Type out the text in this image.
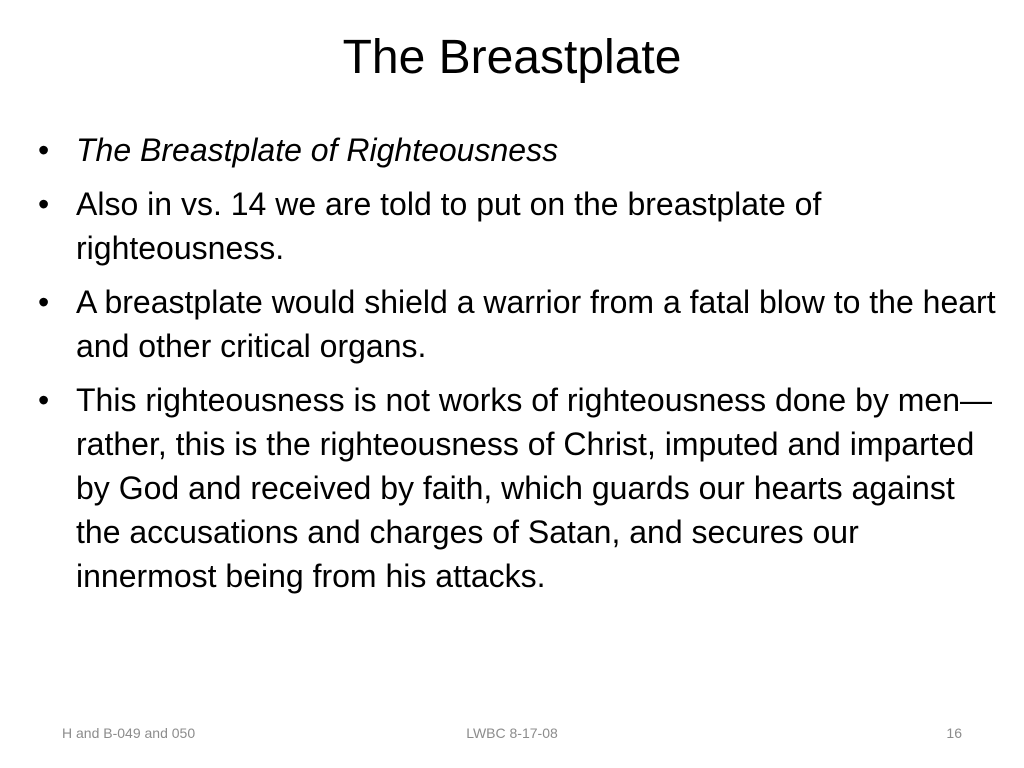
The Breastplate
• The Breastplate of Righteousness
• Also in vs. 14 we are told to put on the breastplate of righteousness.
• A breastplate would shield a warrior from a fatal blow to the heart and other critical organs.
• This righteousness is not works of righteousness done by men—rather, this is the righteousness of Christ, imputed and imparted by God and received by faith, which guards our hearts against the accusations and charges of Satan, and secures our innermost being from his attacks.
H and B-049 and 050	LWBC 8-17-08	16
